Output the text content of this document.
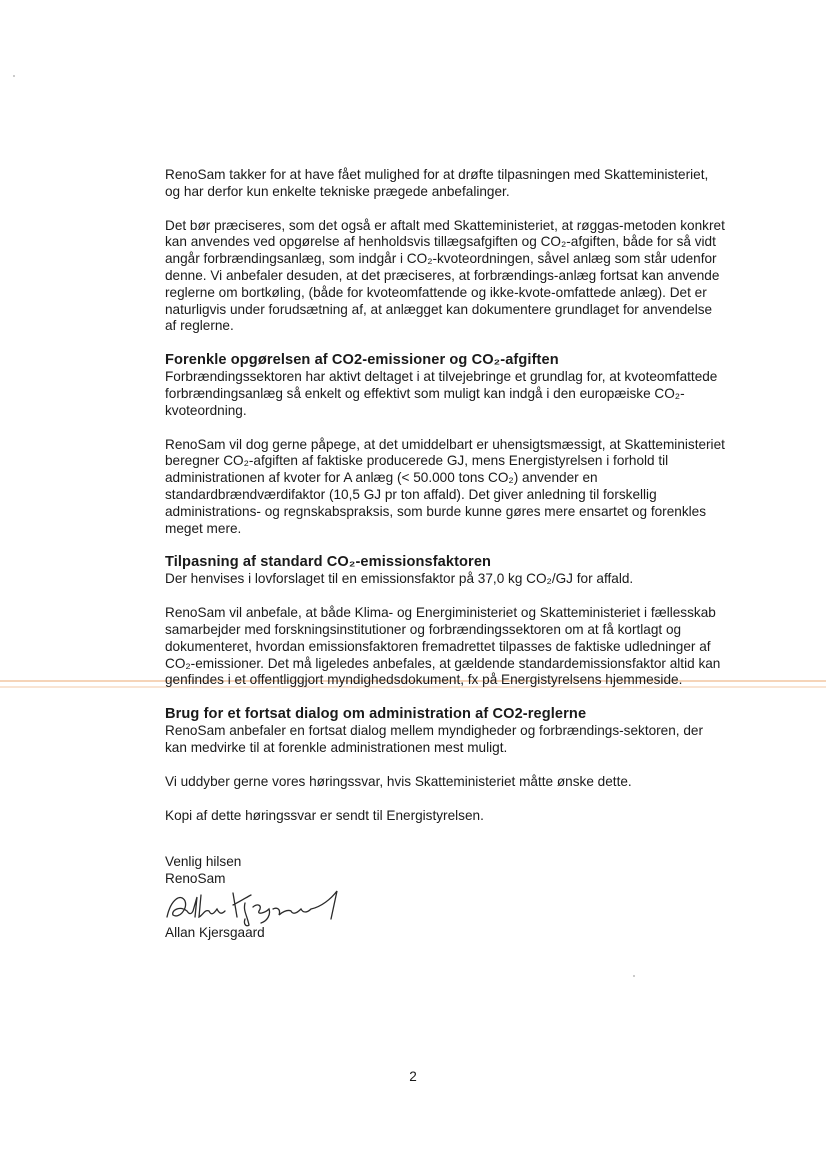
RenoSam takker for at have fået mulighed for at drøfte tilpasningen med Skatteministeriet, og har derfor kun enkelte tekniske prægede anbefalinger.

Det bør præciseres, som det også er aftalt med Skatteministeriet, at røggas-metoden konkret kan anvendes ved opgørelse af henholdsvis tillægsafgiften og CO₂-afgiften, både for så vidt angår forbrændingsanlæg, som indgår i CO₂-kvoteordningen, såvel anlæg som står udenfor denne. Vi anbefaler desuden, at det præciseres, at forbrændings-anlæg fortsat kan anvende reglerne om bortkøling, (både for kvoteomfattende og ikke-kvote-omfattede anlæg). Det er naturligvis under forudsætning af, at anlægget kan dokumentere grundlaget for anvendelse af reglerne.

Forenkle opgørelsen af CO2-emissioner og CO₂-afgiften

Forbrændingssektoren har aktivt deltaget i at tilvejebringe et grundlag for, at kvoteomfattede forbrændingsanlæg så enkelt og effektivt som muligt kan indgå i den europæiske CO₂-kvoteordning.

RenoSam vil dog gerne påpege, at det umiddelbart er uhensigtsmæssigt, at Skatteministeriet beregner CO₂-afgiften af faktiske producerede GJ, mens Energistyrelsen i forhold til administrationen af kvoter for A anlæg (< 50.000 tons CO₂) anvender en standardbrændværdifaktor (10,5 GJ pr ton affald). Det giver anledning til forskellig administrations- og regnskabspraksis, som burde kunne gøres mere ensartet og forenkles meget mere.

Tilpasning af standard CO₂-emissionsfaktoren

Der henvises i lovforslaget til en emissionsfaktor på 37,0 kg CO₂/GJ for affald.

RenoSam vil anbefale, at både Klima- og Energiministeriet og Skatteministeriet i fællesskab samarbejder med forskningsinstitutioner og forbrændingssektoren om at få kortlagt og dokumenteret, hvordan emissionsfaktoren fremadrettet tilpasses de faktiske udledninger af CO₂-emissioner. Det må ligeledes anbefales, at gældende standardemissionsfaktor altid kan genfindes i et offentliggjort myndighedsdokument, fx på Energistyrelsens hjemmeside.

Brug for et fortsat dialog om administration af CO2-reglerne

RenoSam anbefaler en fortsat dialog mellem myndigheder og forbrændings-sektoren, der kan medvirke til at forenkle administrationen mest muligt.

Vi uddyber gerne vores høringssvar, hvis Skatteministeriet måtte ønske dette.

Kopi af dette høringssvar er sendt til Energistyrelsen.

Venlig hilsen
RenoSam
Allan Kjersgaard
2
